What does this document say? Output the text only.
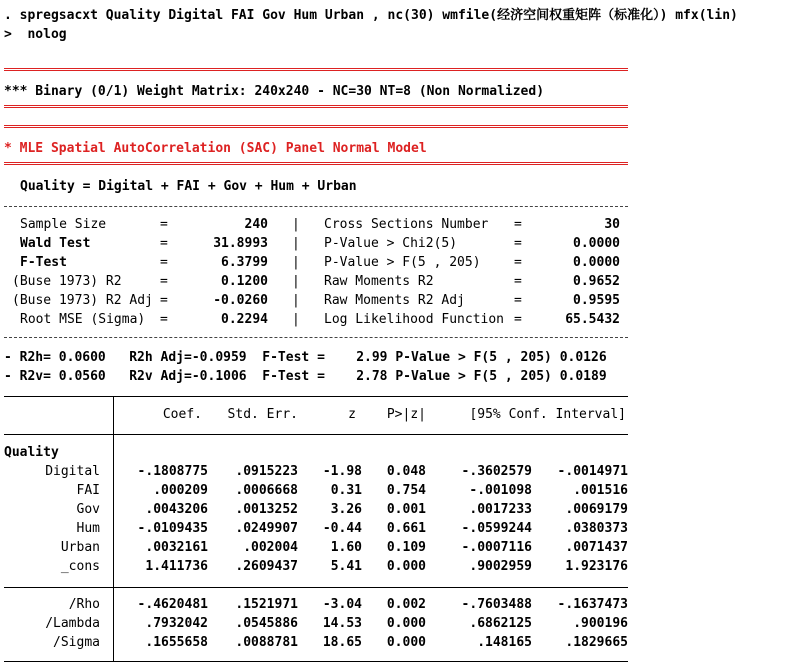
. spregsacxt Quality Digital FAI Gov Hum Urban , nc(30) wmfile(经济空间权重矩阵（标准化）) mfx(lin)
>  nolog
*** Binary (0/1) Weight Matrix: 240x240 - NC=30 NT=8 (Non Normalized)
* MLE Spatial AutoCorrelation (SAC) Panel Normal Model
Quality = Digital + FAI + Gov + Hum + Urban
Sample Size	=	240 | Cross Sections Number	=	30
Wald Test	=	31.8993 | P-Value > Chi2(5)	=	0.0000
F-Test	=	6.3799 | P-Value > F(5 , 205)	=	0.0000
(Buse 1973) R2	=	0.1200 | Raw Moments R2	=	0.9652
(Buse 1973) R2 Adj =	-0.0260 | Raw Moments R2 Adj	=	0.9595
Root MSE (Sigma)	=	0.2294 | Log Likelihood Function =	65.5432
- R2h= 0.0600   R2h Adj=-0.0959  F-Test =    2.99 P-Value > F(5 , 205) 0.0126
- R2v= 0.0560   R2v Adj=-0.1006  F-Test =    2.78 P-Value > F(5 , 205) 0.0189
Coef.	Std. Err.	z	P>|z|	[95% Conf. Interval]
Quality
Digital	-.1808775	.0915223	-1.98	0.048	-.3602579	-.0014971
FAI	.000209	.0006668	0.31	0.754	-.001098	.001516
Gov	.0043206	.0013252	3.26	0.001	.0017233	.0069179
Hum	-.0109435	.0249907	-0.44	0.661	-.0599244	.0380373
Urban	.0032161	.002004	1.60	0.109	-.0007116	.0071437
_cons	1.411736	.2609437	5.41	0.000	.9002959	1.923176
/Rho	-.4620481	.1521971	-3.04	0.002	-.7603488	-.1637473
/Lambda	.7932042	.0545886	14.53	0.000	.6862125	.900196
/Sigma	.1655658	.0088781	18.65	0.000	.148165	.1829665
